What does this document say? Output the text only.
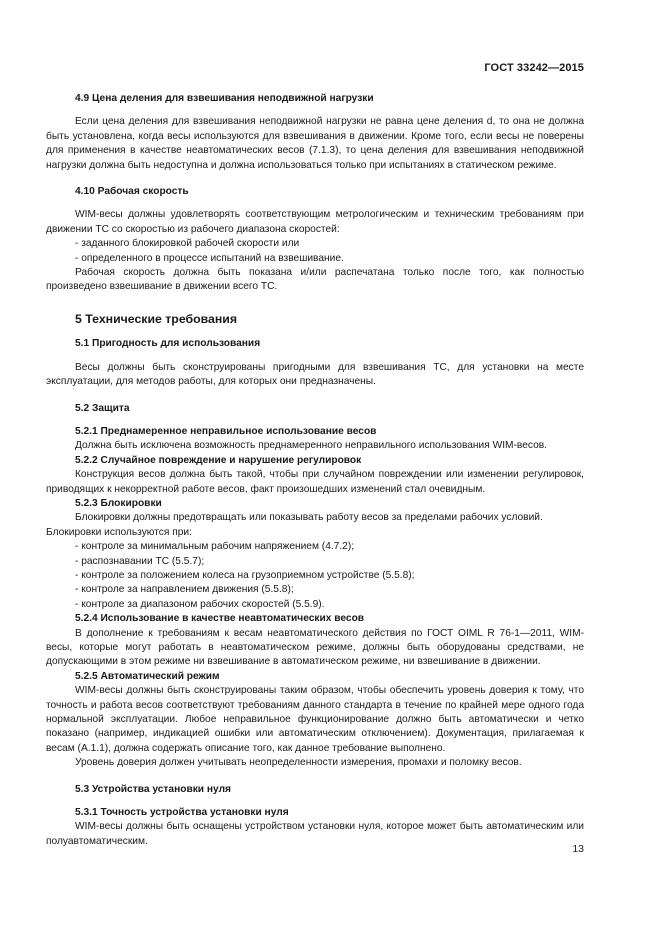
ГОСТ 33242—2015
4.9 Цена деления для взвешивания неподвижной нагрузки

Если цена деления для взвешивания неподвижной нагрузки не равна цене деления d, то она не должна быть установлена, когда весы используются для взвешивания в движении. Кроме того, если весы не поверены для применения в качестве неавтоматических весов (7.1.3), то цена деления для взвешивания неподвижной нагрузки должна быть недоступна и должна использоваться только при испытаниях в статическом режиме.

4.10 Рабочая скорость

WIM-весы должны удовлетворять соответствующим метрологическим и техническим требованиям при движении ТС со скоростью из рабочего диапазона скоростей:

- заданного блокировкой рабочей скорости или
- определенного в процессе испытаний на взвешивание.

Рабочая скорость должна быть показана и/или распечатана только после того, как полностью произведено взвешивание в движении всего ТС.

5 Технические требования
5.1 Пригодность для использования

Весы должны быть сконструированы пригодными для взвешивания ТС, для установки на месте эксплуатации, для методов работы, для которых они предназначены.

5.2 Защита
5.2.1 Преднамеренное неправильное использование весов

Должна быть исключена возможность преднамеренного неправильного использования WIM-весов.

5.2.2 Случайное повреждение и нарушение регулировок

Конструкция весов должна быть такой, чтобы при случайном повреждении или изменении регулировок, приводящих к некорректной работе весов, факт произошедших изменений стал очевидным.

5.2.3 Блокировки

Блокировки должны предотвращать или показывать работу весов за пределами рабочих условий.

Блокировки используются при:
- контроле за минимальным рабочим напряжением (4.7.2);
- распознавании ТС (5.5.7);
- контроле за положением колеса на грузоприемном устройстве (5.5.8);
- контроле за направлением движения (5.5.8);
- контроле за диапазоном рабочих скоростей (5.5.9).
5.2.4 Использование в качестве неавтоматических весов

В дополнение к требованиям к весам неавтоматического действия по ГОСТ OIML R 76-1—2011, WIM-весы, которые могут работать в неавтоматическом режиме, должны быть оборудованы средствами, не допускающими в этом режиме ни взвешивание в автоматическом режиме, ни взвешивание в движении.

5.2.5 Автоматический режим

WIM-весы должны быть сконструированы таким образом, чтобы обеспечить уровень доверия к тому, что точность и работа весов соответствуют требованиям данного стандарта в течение по крайней мере одного года нормальной эксплуатации. Любое неправильное функционирование должно быть автоматически и четко показано (например, индикацией ошибки или автоматическим отключением). Документация, прилагаемая к весам (А.1.1), должна содержать описание того, как данное требование выполнено.

Уровень доверия должен учитывать неопределенности измерения, промахи и поломку весов.

5.3 Устройства установки нуля
5.3.1 Точность устройства установки нуля

WIM-весы должны быть оснащены устройством установки нуля, которое может быть автоматическим или полуавтоматическим.

13
